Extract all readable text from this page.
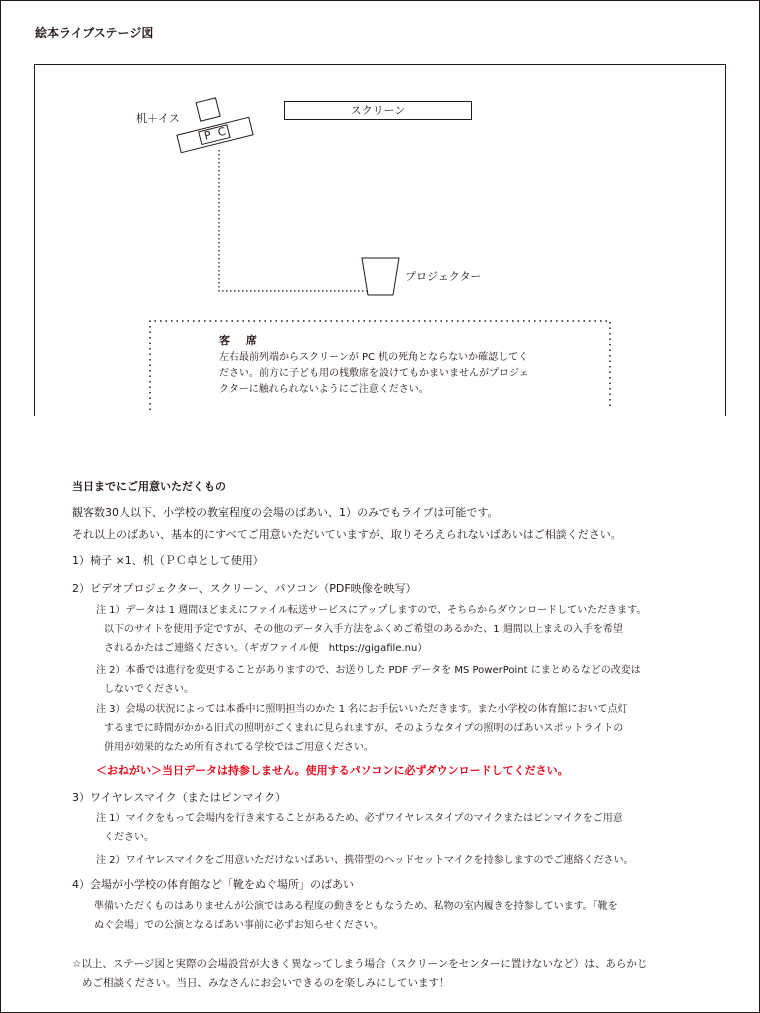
絵本ライブステージ図
机＋イス
P C
スクリーン
プロジェクター
客 席
左右最前列端からスクリーンが PC 机の死角とならないか確認してく
ださい。前方に子ども用の桟敷席を設けてもかまいませんがプロジェ
クターに触れられないようにご注意ください。
当日までにご用意いただくもの
観客数30人以下、小学校の教室程度の会場のばあい、1）のみでもライブは可能です。
それ以上のばあい、基本的にすべてご用意いただいていますが、取りそろえられないばあいはご相談ください。
1）椅子 ×1、机（ＰＣ卓として使用）
2）ビデオプロジェクター、スクリーン、パソコン（PDF映像を映写）
注 1）データは 1 週間ほどまえにファイル転送サービスにアップしますので、そちらからダウンロードしていただきます。
以下のサイトを使用予定ですが、その他のデータ入手方法をふくめご希望のあるかた、1 週間以上まえの入手を希望
されるかたはご連絡ください。（ギガファイル便　https://gigafile.nu）
注 2）本番では進行を変更することがありますので、お送りした PDF データを MS PowerPoint にまとめるなどの改変は
しないでください。
注 3）会場の状況によっては本番中に照明担当のかた 1 名にお手伝いいただきます。また小学校の体育館において点灯
するまでに時間がかかる旧式の照明がごくまれに見られますが、そのようなタイプの照明のばあいスポットライトの
併用が効果的なため所有されてる学校ではご用意ください。
＜おねがい＞当日データは持参しません。使用するパソコンに必ずダウンロードしてください。
3）ワイヤレスマイク（またはピンマイク）
注 1）マイクをもって会場内を行き来することがあるため、必ずワイヤレスタイプのマイクまたはピンマイクをご用意
ください。
注 2）ワイヤレスマイクをご用意いただけないばあい、携帯型のヘッドセットマイクを持参しますのでご連絡ください。
4）会場が小学校の体育館など「靴をぬぐ場所」のばあい
準備いただくものはありませんが公演ではある程度の動きをともなうため、私物の室内履きを持参しています。「靴を
ぬぐ会場」での公演となるばあい事前に必ずお知らせください。
☆以上、ステージ図と実際の会場設営が大きく異なってしまう場合（スクリーンをセンターに置けないなど）は、あらかじ
めご相談ください。当日、みなさんにお会いできるのを楽しみにしています！
